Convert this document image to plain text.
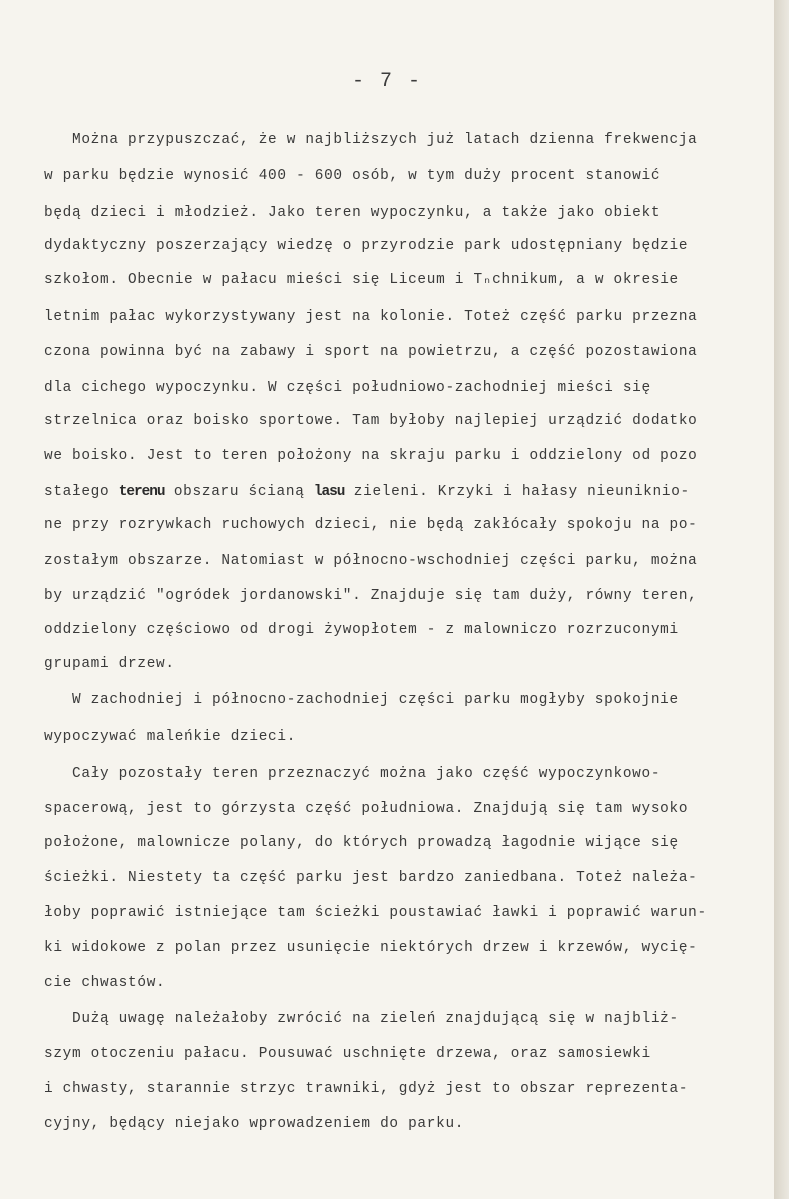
- 7 -
Można przypuszczać, że w najbliższych już latach dzienna frekwencja
w parku będzie wynosić 400 - 600 osób, w tym duży procent stanowić
będą dzieci i młodzież. Jako teren wypoczynku, a także jako obiekt
dydaktyczny poszerzający wiedzę o przyrodzie park udostępniany będzie
szkołom. Obecnie w pałacu mieści się Liceum i Tₙchnikum, a w okresie
letnim pałac wykorzystywany jest na kolonie. Toteż część parku przezna
czona powinna być na zabawy i sport na powietrzu, a część pozostawiona
dla cichego wypoczynku. W części południowo-zachodniej mieści się
strzelnica oraz boisko sportowe. Tam byłoby najlepiej urządzić dodatko
we boisko. Jest to teren położony na skraju parku i oddzielony od pozo
stałego terenu obszaru ścianą lasu zieleni. Krzyki i hałasy nieuniknio-
ne przy rozrywkach ruchowych dzieci, nie będą zakłócały spokoju na po-
zostałym obszarze. Natomiast w północno-wschodniej części parku, można
by urządzić "ogródek jordanowski". Znajduje się tam duży, równy teren,
oddzielony częściowo od drogi żywopłotem - z malowniczo rozrzuconymi
grupami drzew.
W zachodniej i północno-zachodniej części parku mogłyby spokojnie
wypoczywać maleńkie dzieci.
Cały pozostały teren przeznaczyć można jako część wypoczynkowo-
spacerową, jest to górzysta część południowa. Znajdują się tam wysoko
położone, malownicze polany, do których prowadzą łagodnie wijące się
ścieżki. Niestety ta część parku jest bardzo zaniedbana. Toteż należa-
łoby poprawić istniejące tam ścieżki poustawiać ławki i poprawić warun-
ki widokowe z polan przez usunięcie niektórych drzew i krzewów, wycię-
cie chwastów.
Dużą uwagę należałoby zwrócić na zieleń znajdującą się w najbliż-
szym otoczeniu pałacu. Pousuwać uschnięte drzewa, oraz samosiewki
i chwasty, starannie strzyc trawniki, gdyż jest to obszar reprezenta-
cyjny, będący niejako wprowadzeniem do parku.
